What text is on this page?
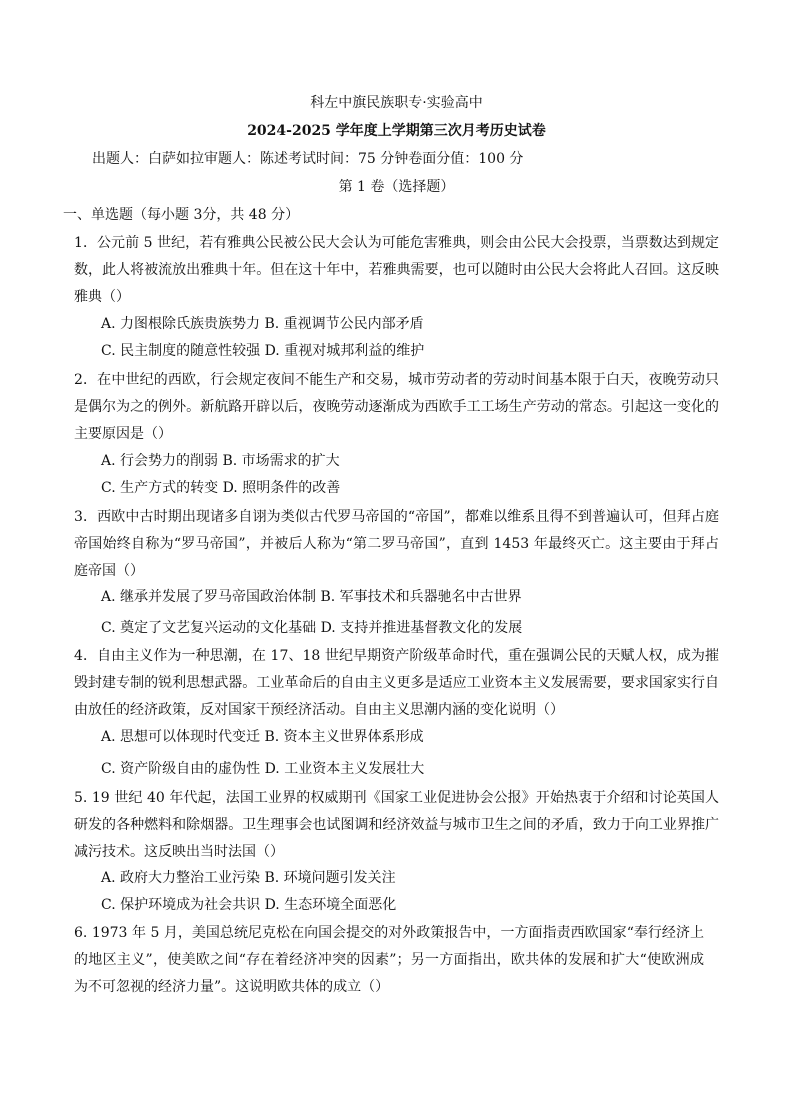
科左中旗民族职专·实验高中
2024-2025 学年度上学期第三次月考历史试卷
出题人：白萨如拉审题人：陈述考试时间：75 分钟卷面分值：100 分
第 1 卷（选择题）
一、单选题（每小题 3分，共 48 分）
1．公元前 5 世纪，若有雅典公民被公民大会认为可能危害雅典，则会由公民大会投票，当票数达到规定数，此人将被流放出雅典十年。但在这十年中，若雅典需要，也可以随时由公民大会将此人召回。这反映雅典（）
A. 力图根除氏族贵族势力 B. 重视调节公民内部矛盾
C. 民主制度的随意性较强 D. 重视对城邦利益的维护
2．在中世纪的西欧，行会规定夜间不能生产和交易，城市劳动者的劳动时间基本限于白天，夜晚劳动只是偶尔为之的例外。新航路开辟以后，夜晚劳动逐渐成为西欧手工工场生产劳动的常态。引起这一变化的主要原因是（）
A. 行会势力的削弱 B. 市场需求的扩大
C. 生产方式的转变 D. 照明条件的改善
3．西欧中古时期出现诸多自诩为类似古代罗马帝国的“帝国”，都难以维系且得不到普遍认可，但拜占庭帝国始终自称为“罗马帝国”，并被后人称为“第二罗马帝国”，直到 1453 年最终灭亡。这主要由于拜占庭帝国（）
A. 继承并发展了罗马帝国政治体制 B. 军事技术和兵器驰名中古世界
C. 奠定了文艺复兴运动的文化基础 D. 支持并推进基督教文化的发展
4．自由主义作为一种思潮，在 17、18 世纪早期资产阶级革命时代，重在强调公民的天赋人权，成为摧毁封建专制的锐利思想武器。工业革命后的自由主义更多是适应工业资本主义发展需要，要求国家实行自由放任的经济政策，反对国家干预经济活动。自由主义思潮内涵的变化说明（）
A. 思想可以体现时代变迁 B. 资本主义世界体系形成
C. 资产阶级自由的虚伪性 D. 工业资本主义发展壮大
5. 19 世纪 40 年代起，法国工业界的权威期刊《国家工业促进协会公报》开始热衷于介绍和讨论英国人研发的各种燃料和除烟器。卫生理事会也试图调和经济效益与城市卫生之间的矛盾，致力于向工业界推广减污技术。这反映出当时法国（）
A. 政府大力整治工业污染 B. 环境问题引发关注
C. 保护环境成为社会共识 D. 生态环境全面恶化
6. 1973 年 5 月，美国总统尼克松在向国会提交的对外政策报告中，一方面指责西欧国家“奉行经济上的地区主义”，使美欧之间“存在着经济冲突的因素”；另一方面指出，欧共体的发展和扩大“使欧洲成为不可忽视的经济力量”。这说明欧共体的成立（）
